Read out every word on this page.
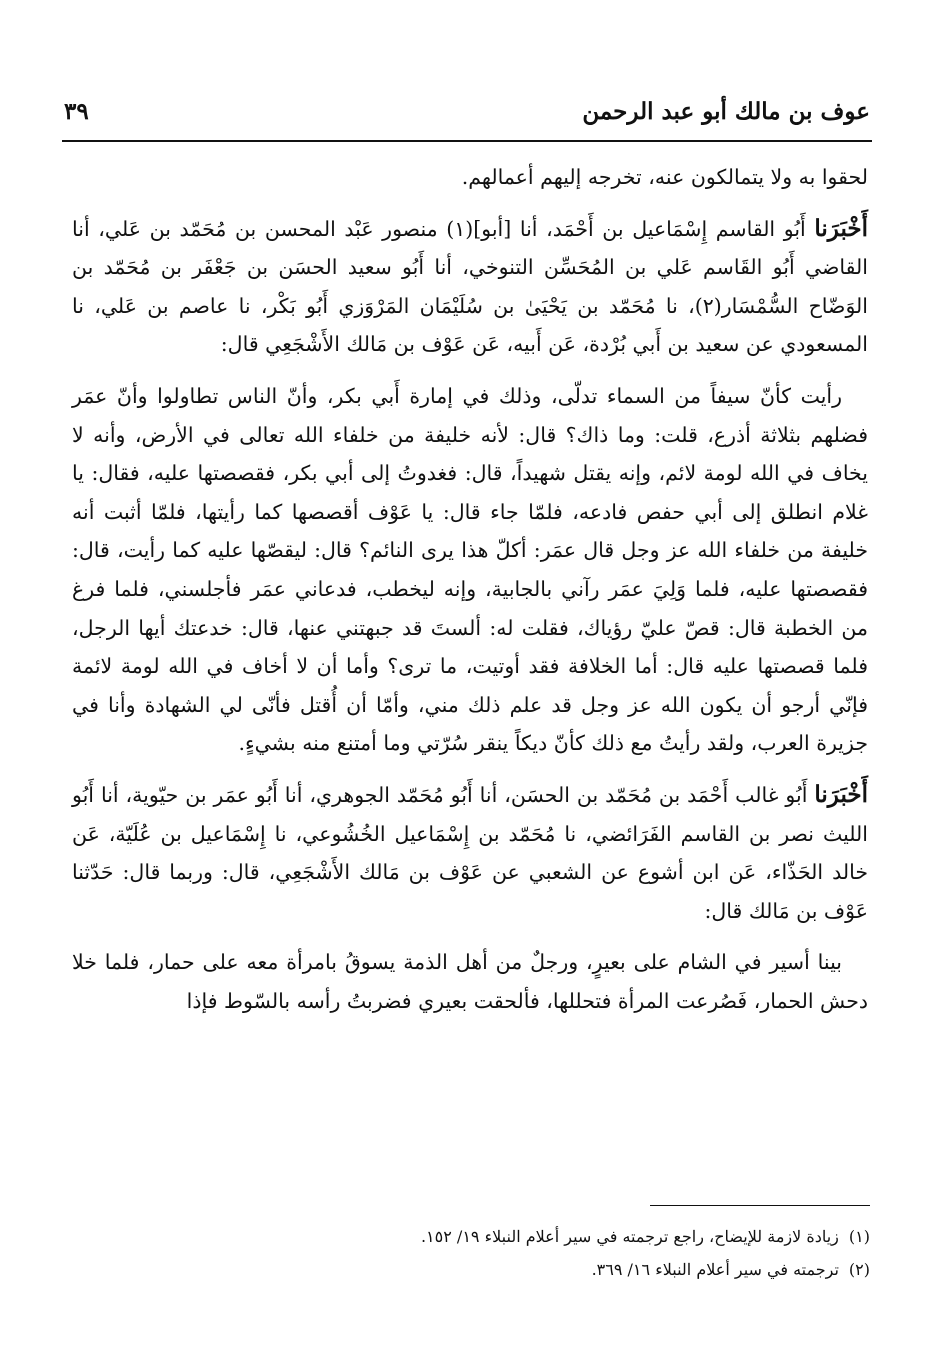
عوف بن مالك أبو عبد الرحمن
٣٩

لحقوا به ولا يتمالكون عنه، تخرجه إليهم أعمالهم.

أَخْبَرَنا أَبُو القاسم إِسْمَاعيل بن أَحْمَد، أنا [أبو](١) منصور عَبْد المحسن بن مُحَمّد بن عَلي، أنا القاضي أَبُو القَاسم عَلي بن المُحَسِّن التنوخي، أنا أَبُو سعيد الحسَن بن جَعْفَر بن مُحَمّد بن الوَضّاح السُّمْسَار(٢)، نا مُحَمّد بن يَحْيَىٰ بن سُلَيْمَان المَرْوَزي أَبُو بَكْر، نا عاصم بن عَلي، نا المسعودي عن سعيد بن أَبي بُرْدة، عَن أَبيه، عَن عَوْف بن مَالك الأَشْجَعِي قال:

رأيت كأنّ سيفاً من السماء تدلّى، وذلك في إمارة أَبي بكر، وأنّ الناس تطاولوا وأنّ عمَر فضلهم بثلاثة أذرع، قلت: وما ذاك؟ قال: لأنه خليفة من خلفاء الله تعالى في الأرض، وأنه لا يخاف في الله لومة لائم، وإنه يقتل شهيداً، قال: فغدوتُ إلى أبي بكر، فقصصتها عليه، فقال: يا غلام انطلق إلى أبي حفص فادعه، فلمّا جاء قال: يا عَوْف أقصصها كما رأيتها، فلمّا أثبت أنه خليفة من خلفاء الله عز وجل قال عمَر: أكلّ هذا يرى النائم؟ قال: ليقصّها عليه كما رأيت، قال: فقصصتها عليه، فلما وَلِيَ عمَر رآني بالجابية، وإنه ليخطب، فدعاني عمَر فأجلسني، فلما فرغ من الخطبة قال: قصّ عليّ رؤياك، فقلت له: ألستَ قد جبهتني عنها، قال: خدعتك أيها الرجل، فلما قصصتها عليه قال: أما الخلافة فقد أوتيت، ما ترى؟ وأما أن لا أخاف في الله لومة لائمة فإنّي أرجو أن يكون الله عز وجل قد علم ذلك مني، وأمّا أن أُقتل فأنّى لي الشهادة وأنا في جزيرة العرب، ولقد رأيتُ مع ذلك كأنّ ديكاً ينقر سُرّتي وما أمتنع منه بشيءٍ.

أَخْبَرَنا أَبُو غالب أَحْمَد بن مُحَمّد بن الحسَن، أنا أَبُو مُحَمّد الجوهري، أنا أَبُو عمَر بن حيّوية، أنا أَبُو الليث نصر بن القاسم الفَرَائضي، نا مُحَمّد بن إِسْمَاعيل الخُشُوعي، نا إِسْمَاعيل بن عُلَيّة، عَن خالد الحَذّاء، عَن ابن أشوع عن الشعبي عن عَوْف بن مَالك الأَشْجَعِي، قال: وربما قال: حَدّثنا عَوْف بن مَالك قال:

بينا أسير في الشام على بعيرٍ، ورجلٌ من أهل الذمة يسوقُ بامرأة معه على حمار، فلما خلا دحش الحمار، فَصُرعت المرأة فتحللها، فألحقت بعيري فضربتُ رأسه بالسّوط فإذا

(١)زيادة لازمة للإيضاح، راجع ترجمته في سير أعلام النبلاء ١٩/ ١٥٢.

(٢)ترجمته في سير أعلام النبلاء ١٦/ ٣٦٩.
